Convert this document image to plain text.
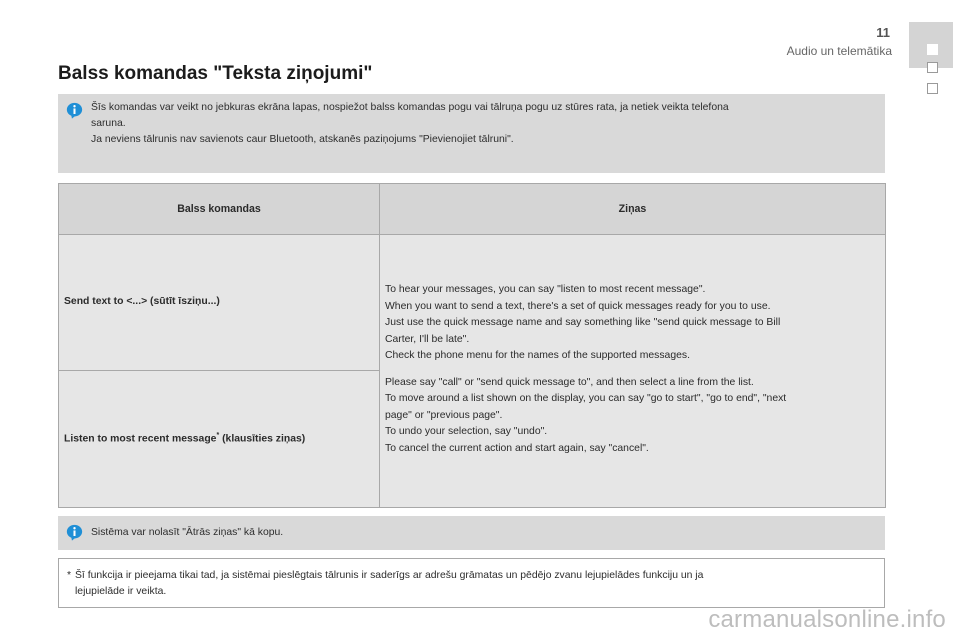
11
Audio un telemātika
Balss komandas "Teksta ziņojumi"
Šīs komandas var veikt no jebkuras ekrāna lapas, nospiežot balss komandas pogu vai tālruņa pogu uz stūres rata, ja netiek veikta telefona
saruna.
Ja neviens tālrunis nav savienots caur Bluetooth, atskanēs paziņojums "Pievienojiet tālruni".
Balss komandas	Ziņas
Send text to <...> (sūtīt īsziņu...)
Listen to most recent message* (klausīties ziņas)
To hear your messages, you can say "listen to most recent message".
When you want to send a text, there's a set of quick messages ready for you to use.
Just use the quick message name and say something like "send quick message to Bill
Carter, I'll be late".
Check the phone menu for the names of the supported messages.
Please say "call" or "send quick message to", and then select a line from the list.
To move around a list shown on the display, you can say "go to start", "go to end", "next
page" or "previous page".
To undo your selection, say "undo".
To cancel the current action and start again, say "cancel".
Sistēma var nolasīt "Ātrās ziņas" kā kopu.
* Šī funkcija ir pieejama tikai tad, ja sistēmai pieslēgtais tālrunis ir saderīgs ar adrešu grāmatas un pēdējo zvanu lejupielādes funkciju un ja
lejupielāde ir veikta.
carmanualsonline.info
